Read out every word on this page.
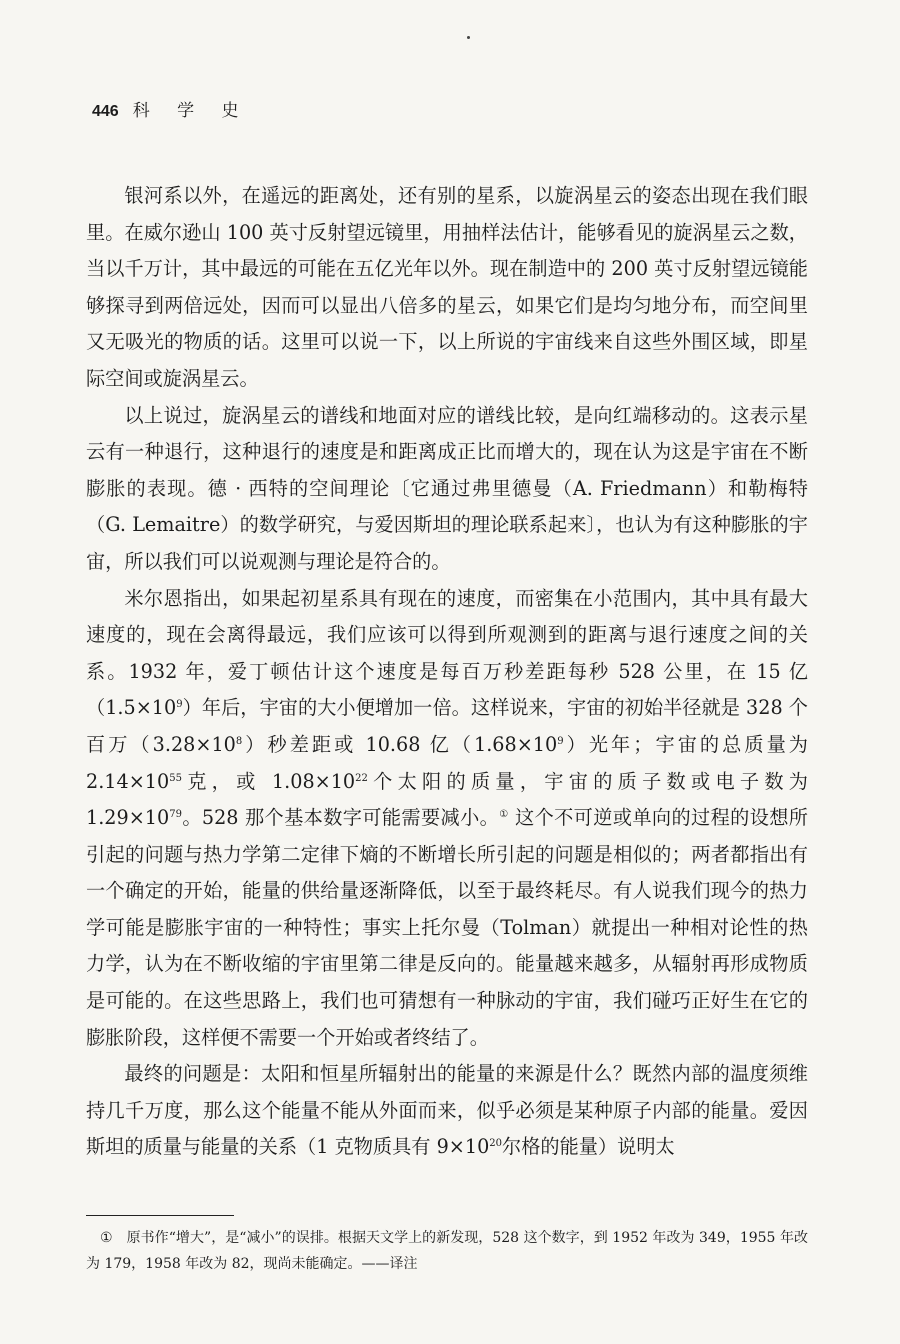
446 科 学 史

银河系以外，在遥远的距离处，还有别的星系，以旋涡星云的姿态出现在我们眼里。在威尔逊山 100 英寸反射望远镜里，用抽样法估计，能够看见的旋涡星云之数，当以千万计，其中最远的可能在五亿光年以外。现在制造中的 200 英寸反射望远镜能够探寻到两倍远处，因而可以显出八倍多的星云，如果它们是均匀地分布，而空间里又无吸光的物质的话。这里可以说一下，以上所说的宇宙线来自这些外围区域，即星际空间或旋涡星云。

以上说过，旋涡星云的谱线和地面对应的谱线比较，是向红端移动的。这表示星云有一种退行，这种退行的速度是和距离成正比而增大的，现在认为这是宇宙在不断膨胀的表现。德 · 西特的空间理论〔它通过弗里德曼（A. Friedmann）和勒梅特（G. Lemaitre）的数学研究，与爱因斯坦的理论联系起来〕，也认为有这种膨胀的宇宙，所以我们可以说观测与理论是符合的。

米尔恩指出，如果起初星系具有现在的速度，而密集在小范围内，其中具有最大速度的，现在会离得最远，我们应该可以得到所观测到的距离与退行速度之间的关系。1932 年，爱丁顿估计这个速度是每百万秒差距每秒 528 公里，在 15 亿$(1.5\times 10^9)$年后，宇宙的大小便增加一倍。这样说来，宇宙的初始半径就是 328 个百万$(3.28\times 10^8)$秒差距或 10.68 亿$(1.68\times 10^9)$光年；宇宙的总质量为 $2.14\times 10^{55}$克，或 $1.08\times 10^{22}$个太阳的质量，宇宙的质子数或电子数为 $1.29\times 10^{79}$。528 那个基本数字可能需要减小。① 这个不可逆或单向的过程的设想所引起的问题与热力学第二定律下熵的不断增长所引起的问题是相似的；两者都指出有一个确定的开始，能量的供给量逐渐降低，以至于最终耗尽。有人说我们现今的热力学可能是膨胀宇宙的一种特性；事实上托尔曼（Tolman）就提出一种相对论性的热力学，认为在不断收缩的宇宙里第二律是反向的。能量越来越多，从辐射再形成物质是可能的。在这些思路上，我们也可猜想有一种脉动的宇宙，我们碰巧正好生在它的膨胀阶段，这样便不需要一个开始或者终结了。

最终的问题是：太阳和恒星所辐射出的能量的来源是什么？既然内部的温度须维持几千万度，那么这个能量不能从外面而来，似乎必须是某种原子内部的能量。爱因斯坦的质量与能量的关系（1 克物质具有 $9\times 10^{20}$尔格的能量）说明太

① 原书作“增大”，是“减小”的误排。根据天文学上的新发现，528 这个数字，到 1952 年改为 349，1955 年改为 179，1958 年改为 82，现尚未能确定。——译注
